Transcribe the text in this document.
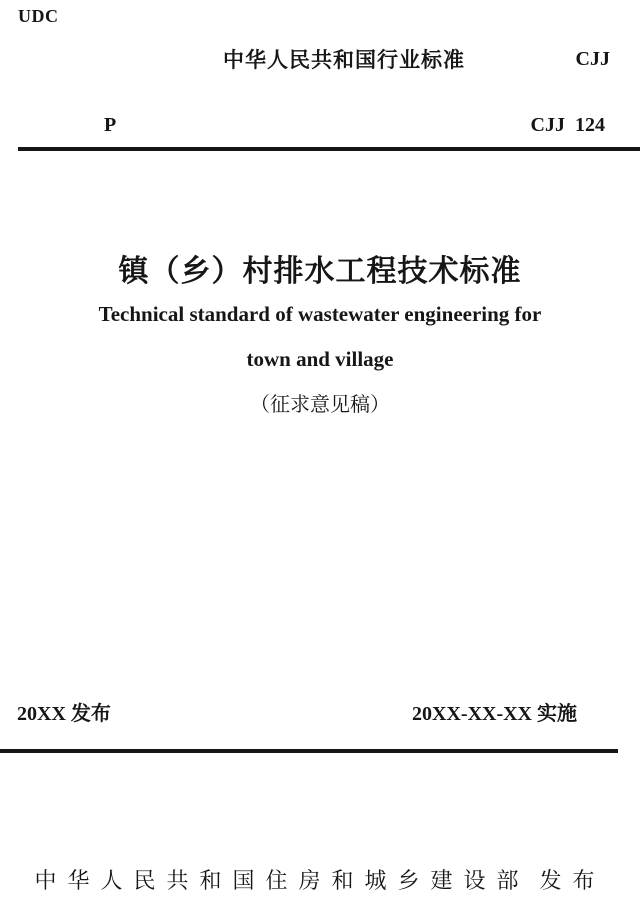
UDC
中华人民共和国行业标准	CJJ
P	CJJ  124
镇（乡）村排水工程技术标准
Technical standard of wastewater engineering for
town and village
（征求意见稿）
20XX 发布	20XX-XX-XX 实施
中华人民共和国住房和城乡建设部 发布
